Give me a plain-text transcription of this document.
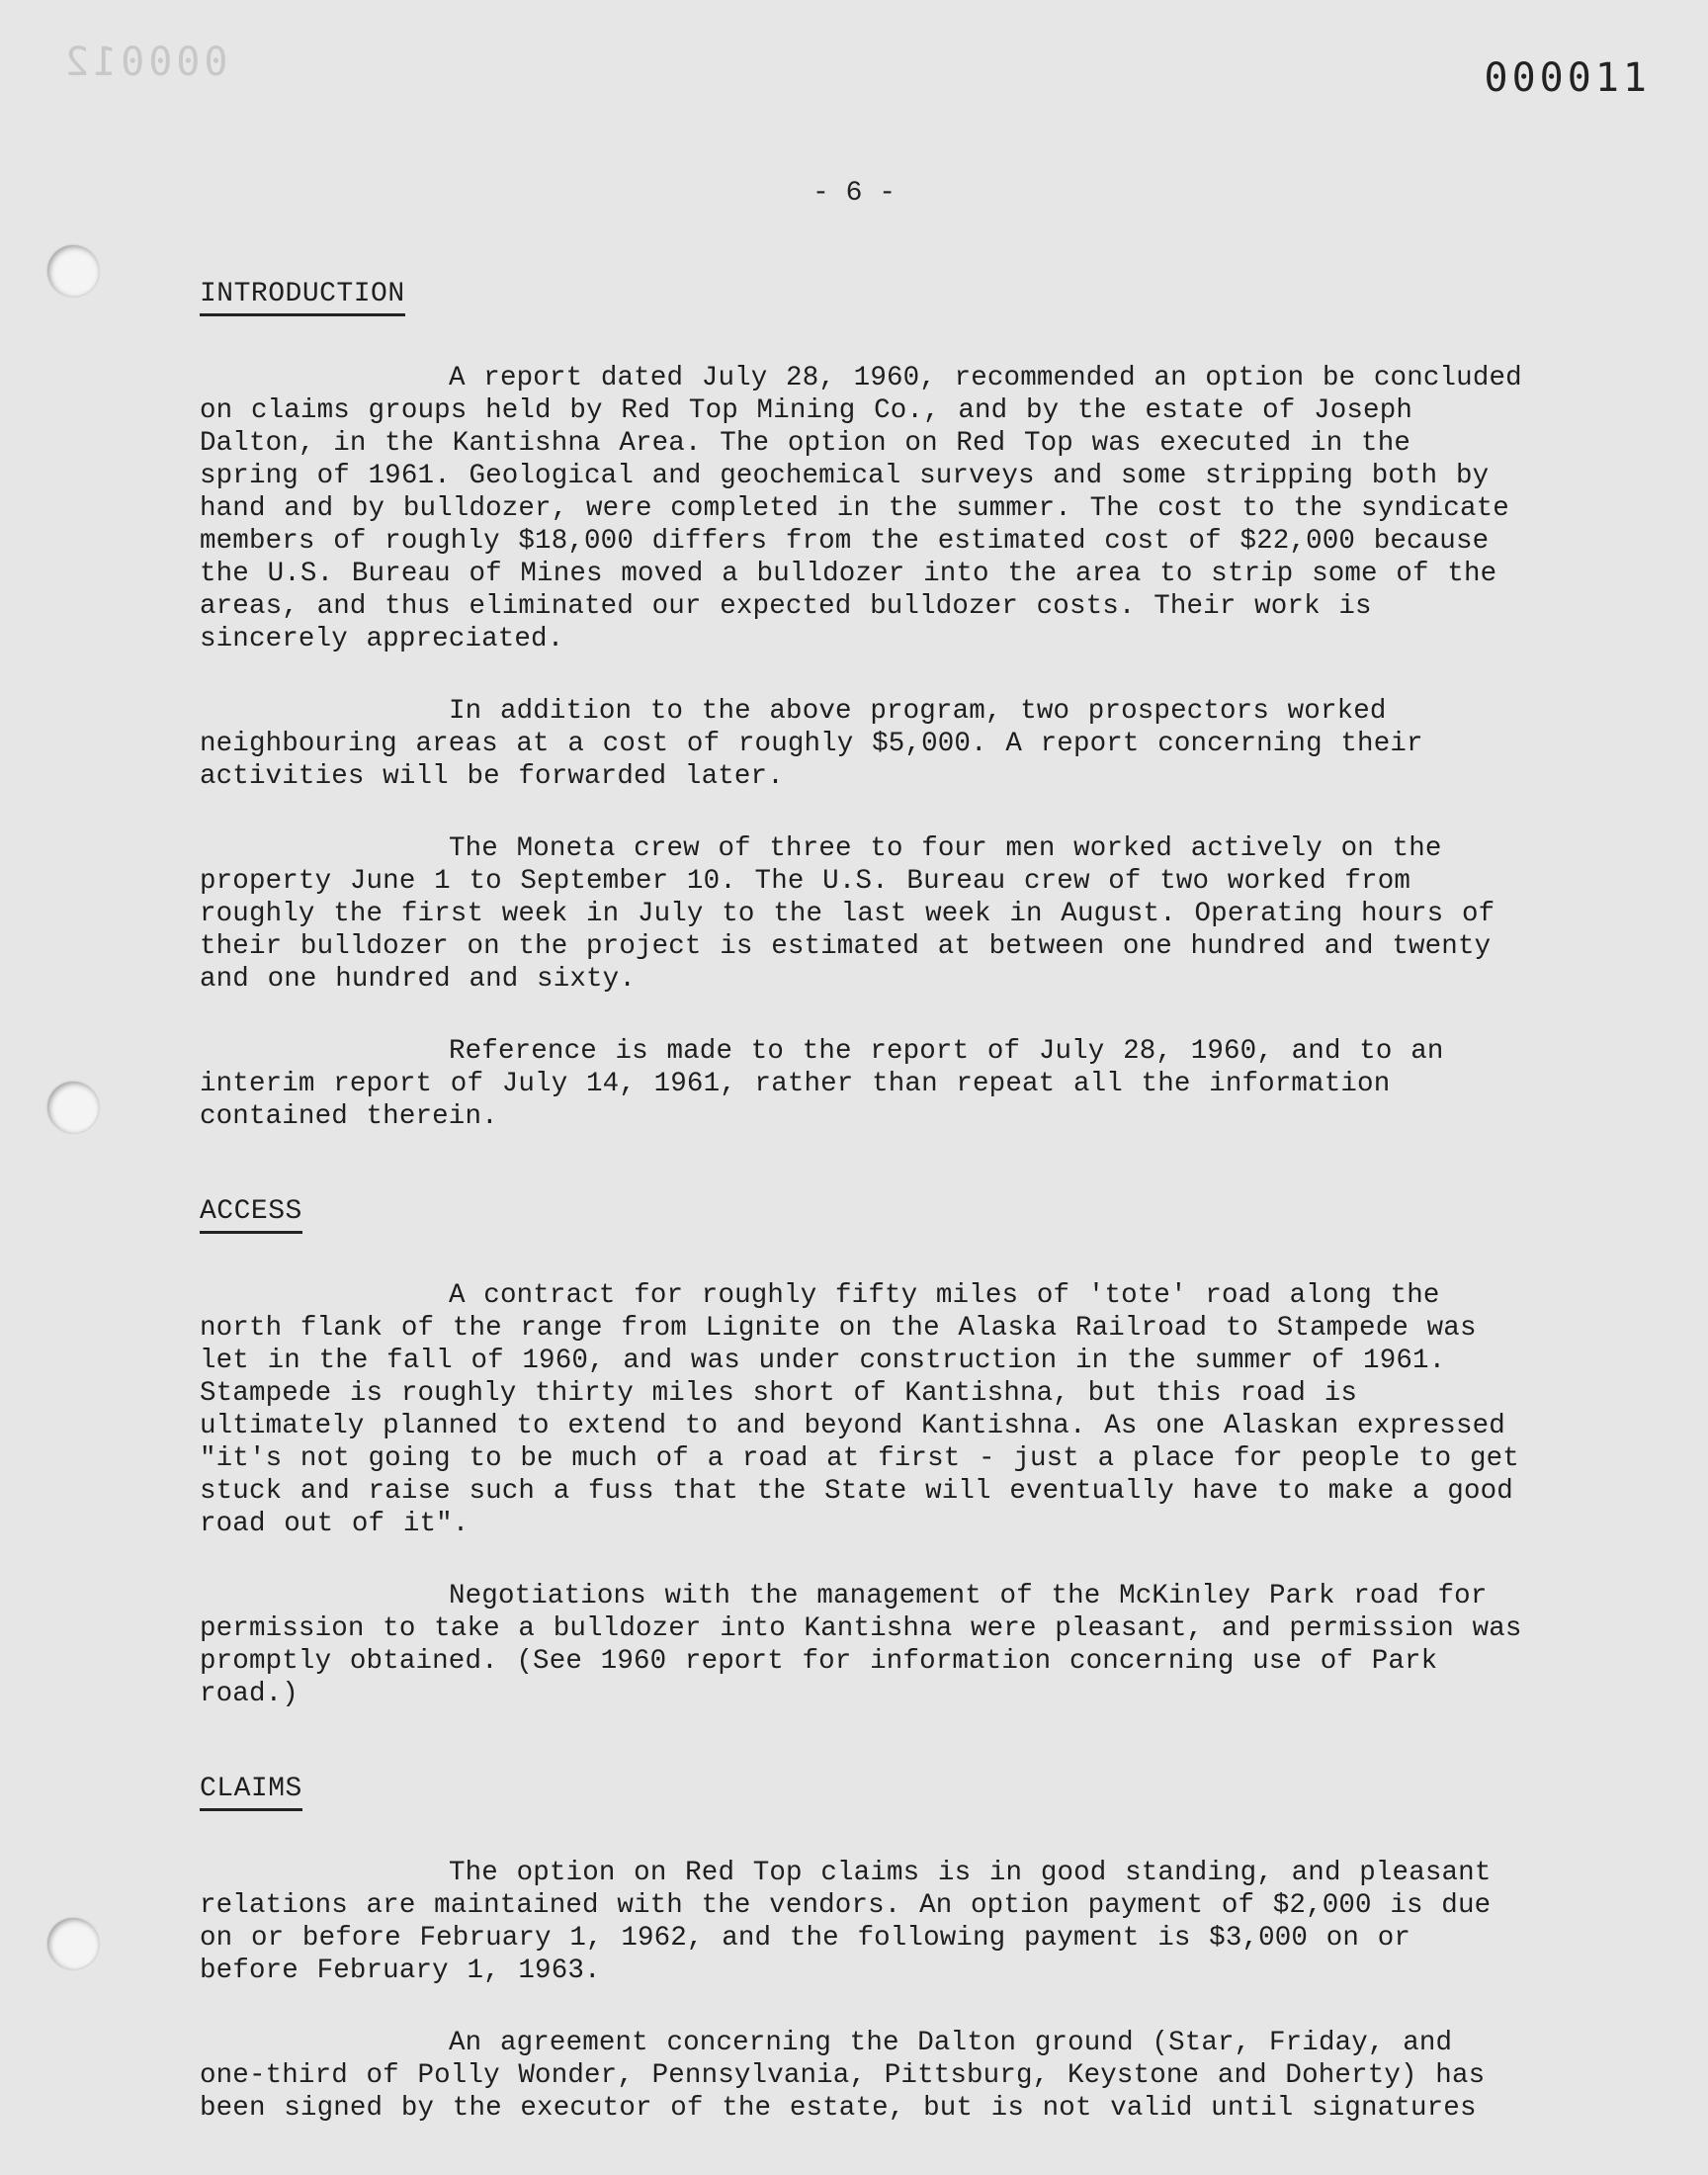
000012	000011
- 6 -
INTRODUCTION

A report dated July 28, 1960, recommended an option be concluded on claims groups held by Red Top Mining Co., and by the estate of Joseph Dalton, in the Kantishna Area. The option on Red Top was executed in the spring of 1961. Geological and geochemical surveys and some stripping both by hand and by bulldozer, were completed in the summer. The cost to the syndicate members of roughly $18,000 differs from the estimated cost of $22,000 because the U.S. Bureau of Mines moved a bulldozer into the area to strip some of the areas, and thus eliminated our expected bulldozer costs. Their work is sincerely appreciated.

In addition to the above program, two prospectors worked neighbouring areas at a cost of roughly $5,000. A report concerning their activities will be forwarded later.

The Moneta crew of three to four men worked actively on the property June 1 to September 10. The U.S. Bureau crew of two worked from roughly the first week in July to the last week in August. Operating hours of their bulldozer on the project is estimated at between one hundred and twenty and one hundred and sixty.

Reference is made to the report of July 28, 1960, and to an interim report of July 14, 1961, rather than repeat all the information contained therein.

ACCESS

A contract for roughly fifty miles of 'tote' road along the north flank of the range from Lignite on the Alaska Railroad to Stampede was let in the fall of 1960, and was under construction in the summer of 1961. Stampede is roughly thirty miles short of Kantishna, but this road is ultimately planned to extend to and beyond Kantishna. As one Alaskan expressed "it's not going to be much of a road at first - just a place for people to get stuck and raise such a fuss that the State will eventually have to make a good road out of it".

Negotiations with the management of the McKinley Park road for permission to take a bulldozer into Kantishna were pleasant, and permission was promptly obtained. (See 1960 report for information concerning use of Park road.)

CLAIMS

The option on Red Top claims is in good standing, and pleasant relations are maintained with the vendors. An option payment of $2,000 is due on or before February 1, 1962, and the following payment is $3,000 on or before February 1, 1963.

An agreement concerning the Dalton ground (Star, Friday, and one-third of Polly Wonder, Pennsylvania, Pittsburg, Keystone and Doherty) has been signed by the executor of the estate, but is not valid until signatures
